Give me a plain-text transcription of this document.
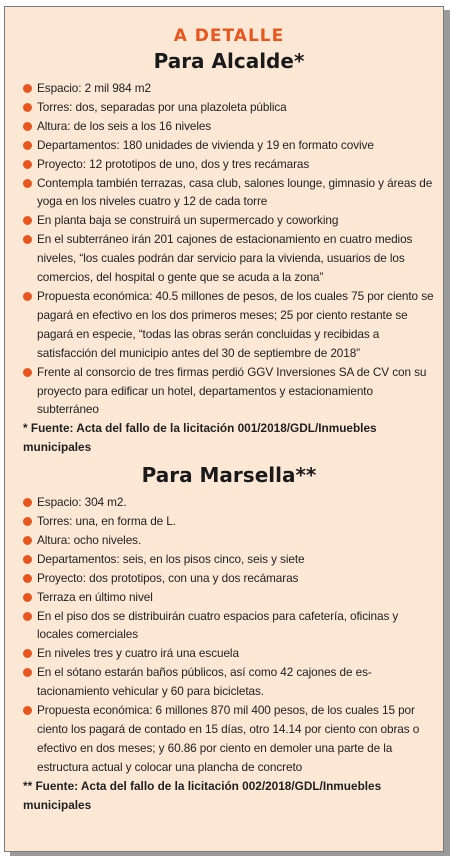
A DETALLE
Para Alcalde*
Espacio: 2 mil 984 m2
Torres: dos, separadas por una plazoleta pública
Altura: de los seis a los 16 niveles
Departamentos: 180 unidades de vivienda y 19 en formato covive
Proyecto: 12 prototipos de uno, dos y tres recámaras
Contempla también terrazas, casa club, salones lounge, gimnasio y áreas de yoga en los niveles cuatro y 12 de cada torre
En planta baja se construirá un supermercado y coworking
En el subterráneo irán 201 cajones de estacionamiento en cuatro medios niveles, “los cuales podrán dar servicio para la vivienda, usuarios de los comercios, del hospital o gente que se acuda a la zona”
Propuesta económica: 40.5 millones de pesos, de los cuales 75 por ciento se pagará en efectivo en los dos primeros meses; 25 por ciento restante se pagará en especie, “todas las obras serán concluidas y recibidas a satisfacción del municipio antes del 30 de septiembre de 2018”
Frente al consorcio de tres firmas perdió GGV Inversiones SA de CV con su proyecto para edificar un hotel, departamentos y estacionamiento subterráneo

* Fuente: Acta del fallo de la licitación 001/2018/GDL/Inmuebles municipales

Para Marsella**
Espacio: 304 m2.
Torres: una, en forma de L.
Altura: ocho niveles.
Departamentos: seis, en los pisos cinco, seis y siete
Proyecto: dos prototipos, con una y dos recámaras
Terraza en último nivel
En el piso dos se distribuirán cuatro espacios para cafetería, oficinas y locales comerciales
En niveles tres y cuatro irá una escuela
En el sótano estarán baños públicos, así como 42 cajones de estacionamiento vehicular y 60 para bicicletas.
Propuesta económica: 6 millones 870 mil 400 pesos, de los cuales 15 por ciento los pagará de contado en 15 días, otro 14.14 por ciento con obras o efectivo en dos meses; y 60.86 por ciento en demoler una parte de la estructura actual y colocar una plancha de concreto

** Fuente: Acta del fallo de la licitación 002/2018/GDL/Inmuebles municipales
